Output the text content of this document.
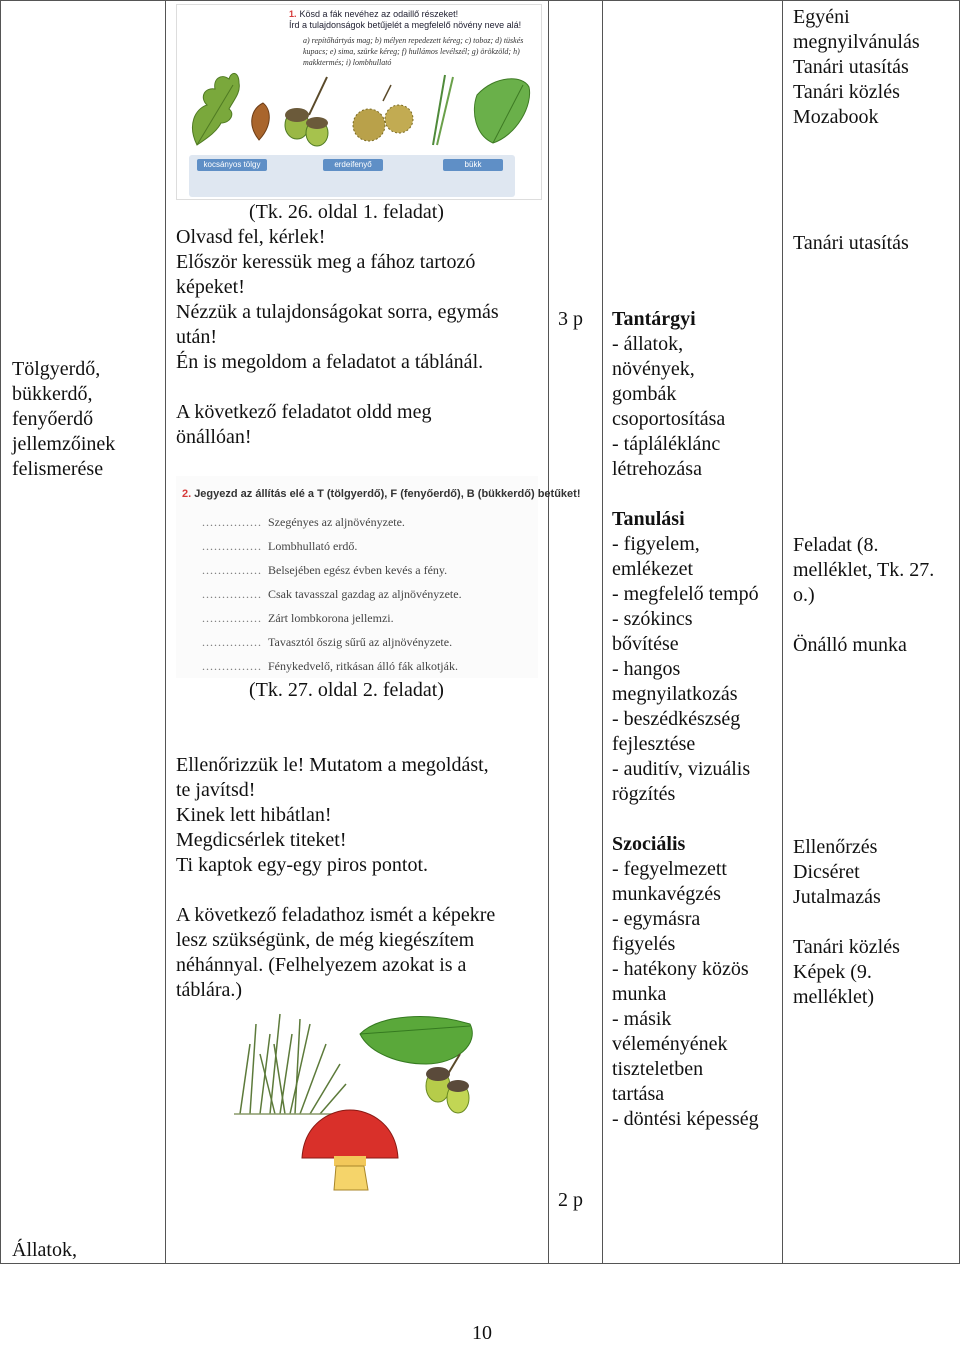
Tölgyerdő,
bükkerdő,
fenyőerdő
jellemzőinek
felismerése
Állatok,
1. Kösd a fák nevéhez az odaillő részeket!
Írd a tulajdonságok betűjelét a megfelelő növény neve alá!
a) repítőhártyás mag; b) mélyen repedezett kéreg; c) toboz; d) tüskés kupacs; e) sima, szürke kéreg; f) hullámos levélszél; g) örökzöld; h) makktermés; i) lombhullató
kocsányos tölgy	erdeifenyő	bükk
(Tk. 26. oldal 1. feladat)
Olvasd fel, kérlek!
Először keressük meg a fához tartozó
képeket!
Nézzük a tulajdonságokat sorra, egymás
után!
Én is megoldom a feladatot a táblánál.
A következő feladatot oldd meg
önállóan!
2. Jegyezd az állítás elé a T (tölgyerdő), F (fenyőerdő), B (bükkerdő) betűket!
............... Szegényes az aljnövényzete.
............... Lombhullató erdő.
............... Belsejében egész évben kevés a fény.
............... Csak tavasszal gazdag az aljnövényzete.
............... Zárt lombkorona jellemzi.
............... Tavasztól őszig sűrű az aljnövényzete.
............... Fénykedvelő, ritkásan álló fák alkotják.
(Tk. 27. oldal 2. feladat)
Ellenőrizzük le! Mutatom a megoldást,
te javítsd!
Kinek lett hibátlan!
Megdicsérlek titeket!
Ti kaptok egy-egy piros pontot.
A következő feladathoz ismét a képekre
lesz szükségünk, de még kiegészítem
néhánnyal. (Felhelyezem azokat is a
táblára.)
3 p
2 p
Tantárgyi
- állatok,
növények,
gombák
csoportosítása
- tápláléklánc
létrehozása
Tanulási
- figyelem,
emlékezet
- megfelelő tempó
- szókincs
bővítése
- hangos
megnyilatkozás
- beszédkészség
fejlesztése
- auditív, vizuális
rögzítés
Szociális
- fegyelmezett
munkavégzés
- egymásra
figyelés
- hatékony közös
munka
- másik
véleményének
tiszteletben
tartása
- döntési képesség
Egyéni
megnyilvánulás
Tanári utasítás
Tanári közlés
Mozabook
Tanári utasítás
Feladat (8.
melléklet, Tk. 27.
o.)
Önálló munka
Ellenőrzés
Dicséret
Jutalmazás
Tanári közlés
Képek (9.
melléklet)
10
